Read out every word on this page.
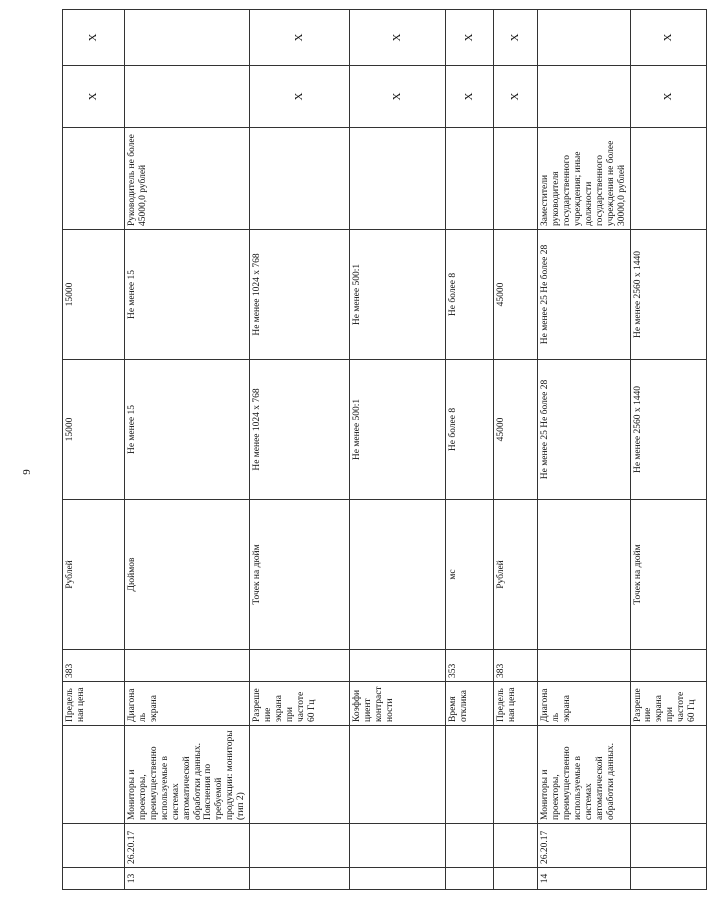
9
			Предельная цена	383	Рублей	15000	15000		X	X
13	26.20.17	Мониторы и проекторы, преимущественно используемые в системах автоматической обработки данных. Пояснения по требуемой продукции: мониторы (тип 2)	Диагональ экрана		Дюймов	Не менее 15	Не менее 15	Руководитель не более 45000,0 рублей		
			Разрешение экрана при частоте 60 Гц		Точек на дюйм	Не менее 1024 x 768	Не менее 1024 x 768		X	X
			Коэффициент контрастности			Не менее 500:1	Не менее 500:1		X	X
			Время отклика	353	мс	Не более 8	Не более 8		X	X
			Предельная цена	383	Рублей	45000	45000		X	X
14	26.20.17	Мониторы и проекторы, преимущественно используемые в системах автоматической обработки данных.	Диагональ экрана			Не менее 25 Не более 28	Не менее 25 Не более 28	Заместители руководителя государственного учреждения; иные должности государственного учреждения не более 30000,0 рублей		
			Разрешение экрана при частоте 60 Гц		Точек на дюйм	Не менее 2560 x 1440	Не менее 2560 x 1440		X	X
